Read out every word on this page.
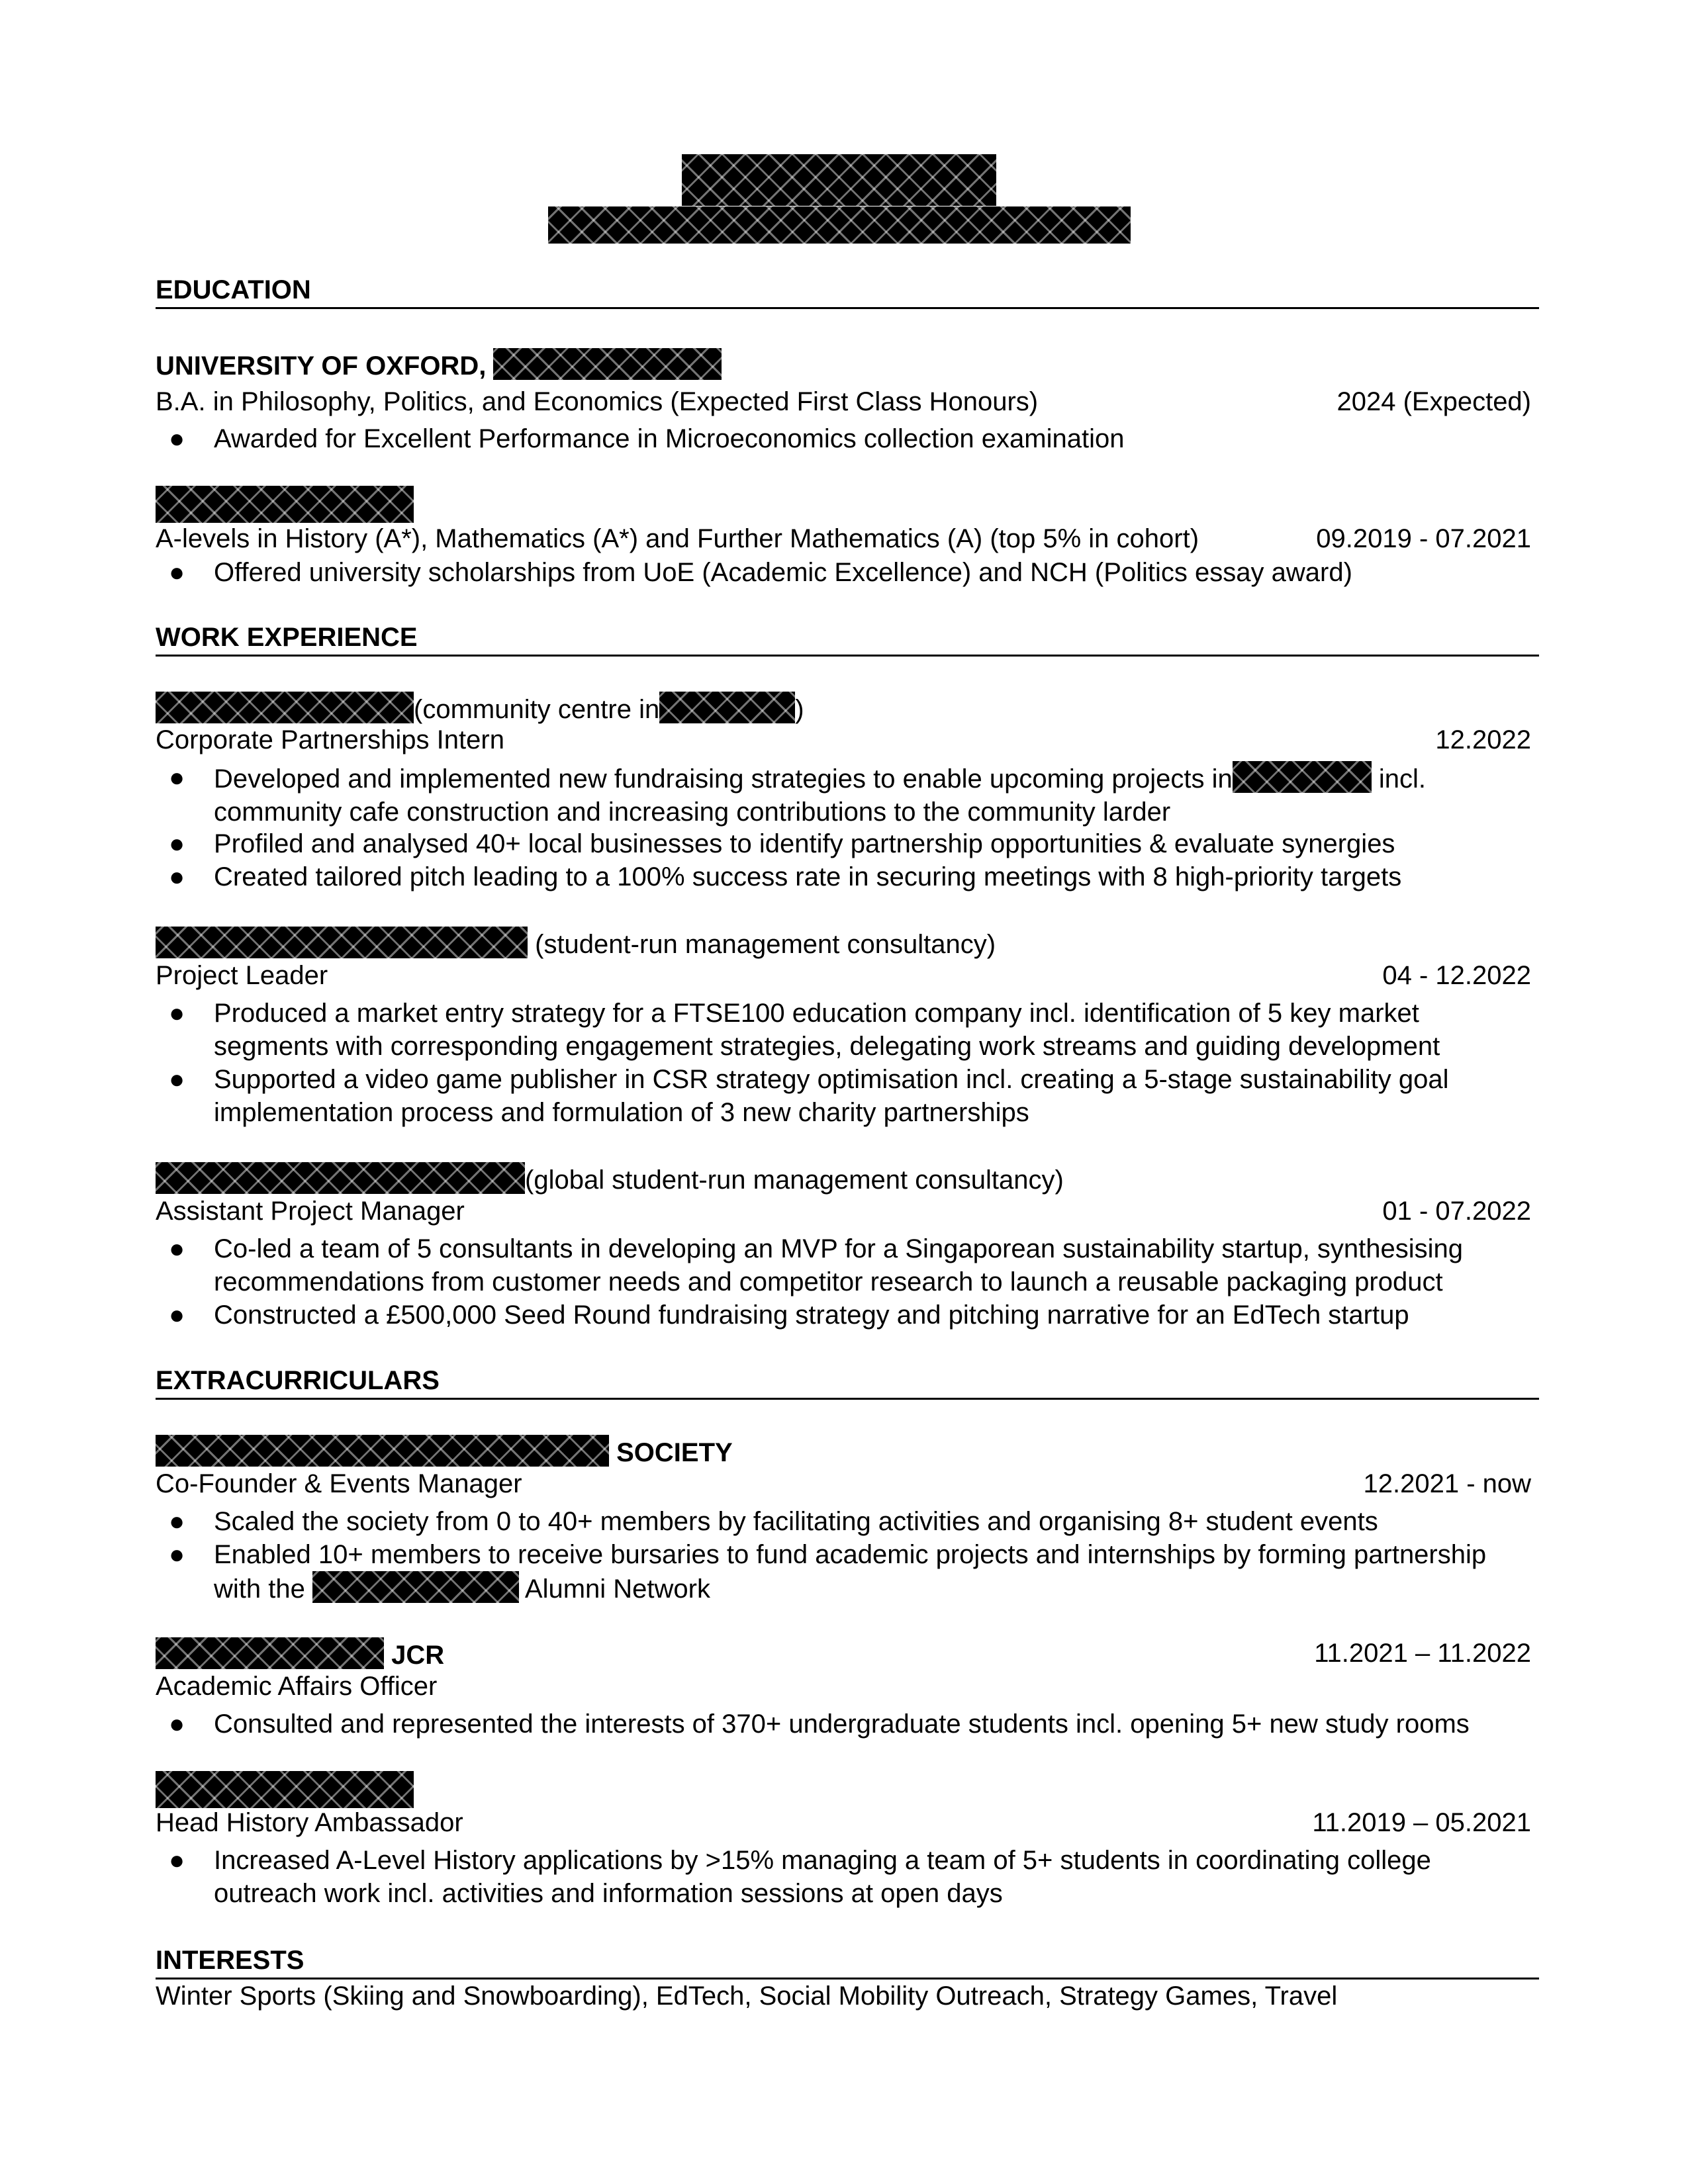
EDUCATION
UNIVERSITY OF OXFORD,
B.A. in Philosophy, Politics, and Economics (Expected First Class Honours)	2024 (Expected)
● Awarded for Excellent Performance in Microeconomics collection examination
A-levels in History (A*), Mathematics (A*) and Further Mathematics (A) (top 5% in cohort)	09.2019 - 07.2021
● Offered university scholarships from UoE (Academic Excellence) and NCH (Politics essay award)
WORK EXPERIENCE
(community centre in	)
Corporate Partnerships Intern	12.2022
● Developed and implemented new fundraising strategies to enable upcoming projects in	incl.
community cafe construction and increasing contributions to the community larder
● Profiled and analysed 40+ local businesses to identify partnership opportunities & evaluate synergies
● Created tailored pitch leading to a 100% success rate in securing meetings with 8 high-priority targets
(student-run management consultancy)
Project Leader	04 - 12.2022
● Produced a market entry strategy for a FTSE100 education company incl. identification of 5 key market segments with corresponding engagement strategies, delegating work streams and guiding development
● Supported a video game publisher in CSR strategy optimisation incl. creating a 5-stage sustainability goal implementation process and formulation of 3 new charity partnerships
(global student-run management consultancy)
Assistant Project Manager	01 - 07.2022
● Co-led a team of 5 consultants in developing an MVP for a Singaporean sustainability startup, synthesising recommendations from customer needs and competitor research to launch a reusable packaging product
● Constructed a £500,000 Seed Round fundraising strategy and pitching narrative for an EdTech startup
EXTRACURRICULARS
SOCIETY
Co-Founder & Events Manager	12.2021 - now
● Scaled the society from 0 to 40+ members by facilitating activities and organising 8+ student events
● Enabled 10+ members to receive bursaries to fund academic projects and internships by forming partnership
with the	Alumni Network
JCR	11.2021 – 11.2022
Academic Affairs Officer
● Consulted and represented the interests of 370+ undergraduate students incl. opening 5+ new study rooms
Head History Ambassador	11.2019 – 05.2021
● Increased A-Level History applications by >15% managing a team of 5+ students in coordinating college outreach work incl. activities and information sessions at open days
INTERESTS
Winter Sports (Skiing and Snowboarding), EdTech, Social Mobility Outreach, Strategy Games, Travel
